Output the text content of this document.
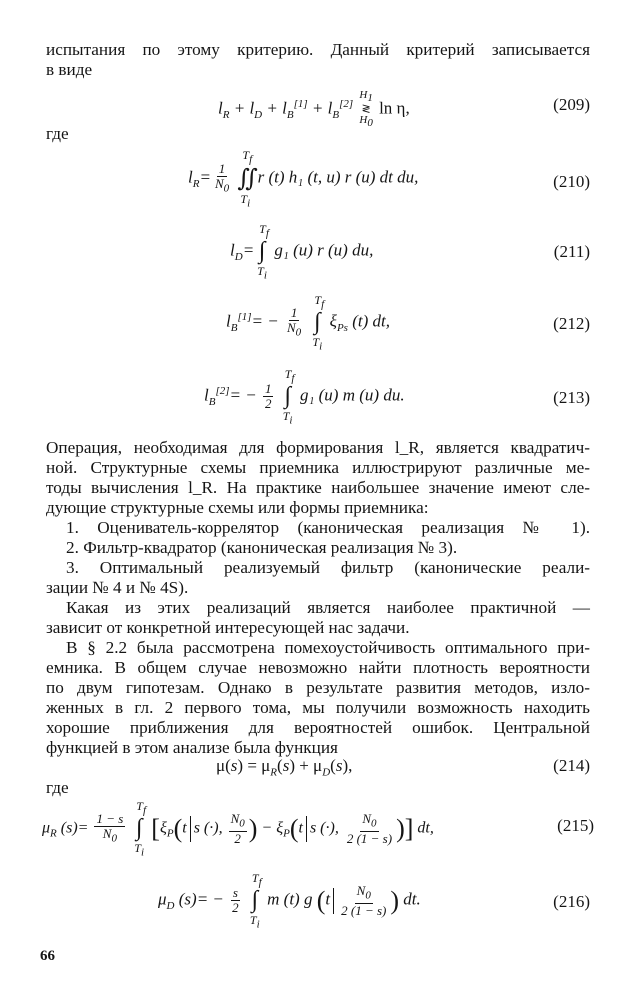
испытания по этому критерию. Данный критерий записывается
в виде
$l_R + l_D + l_B[1] + l_B[2]$
$H_1$
≷
$H_0$
ln η,	(209)
где
$l_R= \frac{1}{N_0}$ ∬
$T_f$
$T_i$
r (t) h₁ (t, u) r (u) dt du,	(210)
$l_D=$ ∫
$T_f$
$T_i$
g₁ (u) r (u) du,	(211)
$l_B[1]= - \frac{1}{N_0}$ ∫
$T_f$
$T_i$
$\xi_{Ps}$ (t) dt,	(212)
$l_B[2]= - \frac{1}{2}$ ∫
$T_f$
$T_i$
g₁ (u) m (u) du.	(213)
Операция, необходимая для формирования l_R, является квадратич-
ной. Структурные схемы приемника иллюстрируют различные ме-
тоды вычисления l_R. На практике наибольшее значение имеют сле-
дующие структурные схемы или формы приемника:
1. Оцениватель-коррелятор (каноническая реализация № 1).
2. Фильтр-квадратор (каноническая реализация № 3).
3. Оптимальный реализуемый фильтр (канонические реали-
зации № 4 и № 4S).
Какая из этих реализаций является наиболее практичной —
зависит от конкретной интересующей нас задачи.
В § 2.2 была рассмотрена помехоустойчивость оптимального при-
емника. В общем случае невозможно найти плотность вероятности
по двум гипотезам. Однако в результате развития методов, изло-
женных в гл. 2 первого тома, мы получили возможность находить
хорошие приближения для вероятностей ошибок. Центральной
функцией в этом анализе была функция
$\mu(s) = \mu_R(s) + \mu_D(s)$,	(214)
где
$\mu_R$ $(s)= \frac{1 - s}{N_0}$ ∫
$T_f$
$T_i$
[$\xi_P(t$ s (·), $\frac{N_0}{2}$ ) − $\xi_P(t$ s (·), $\frac{N_0}{2 (1 - s)}$ )] dt,	(215)
$\mu_D$ $(s)= - \frac{s}{2}$ ∫
$T_f$
$T_i$
m (t) g ($t \frac{N_0}{2 (1 - s)}$ ) dt.	(216)
66
